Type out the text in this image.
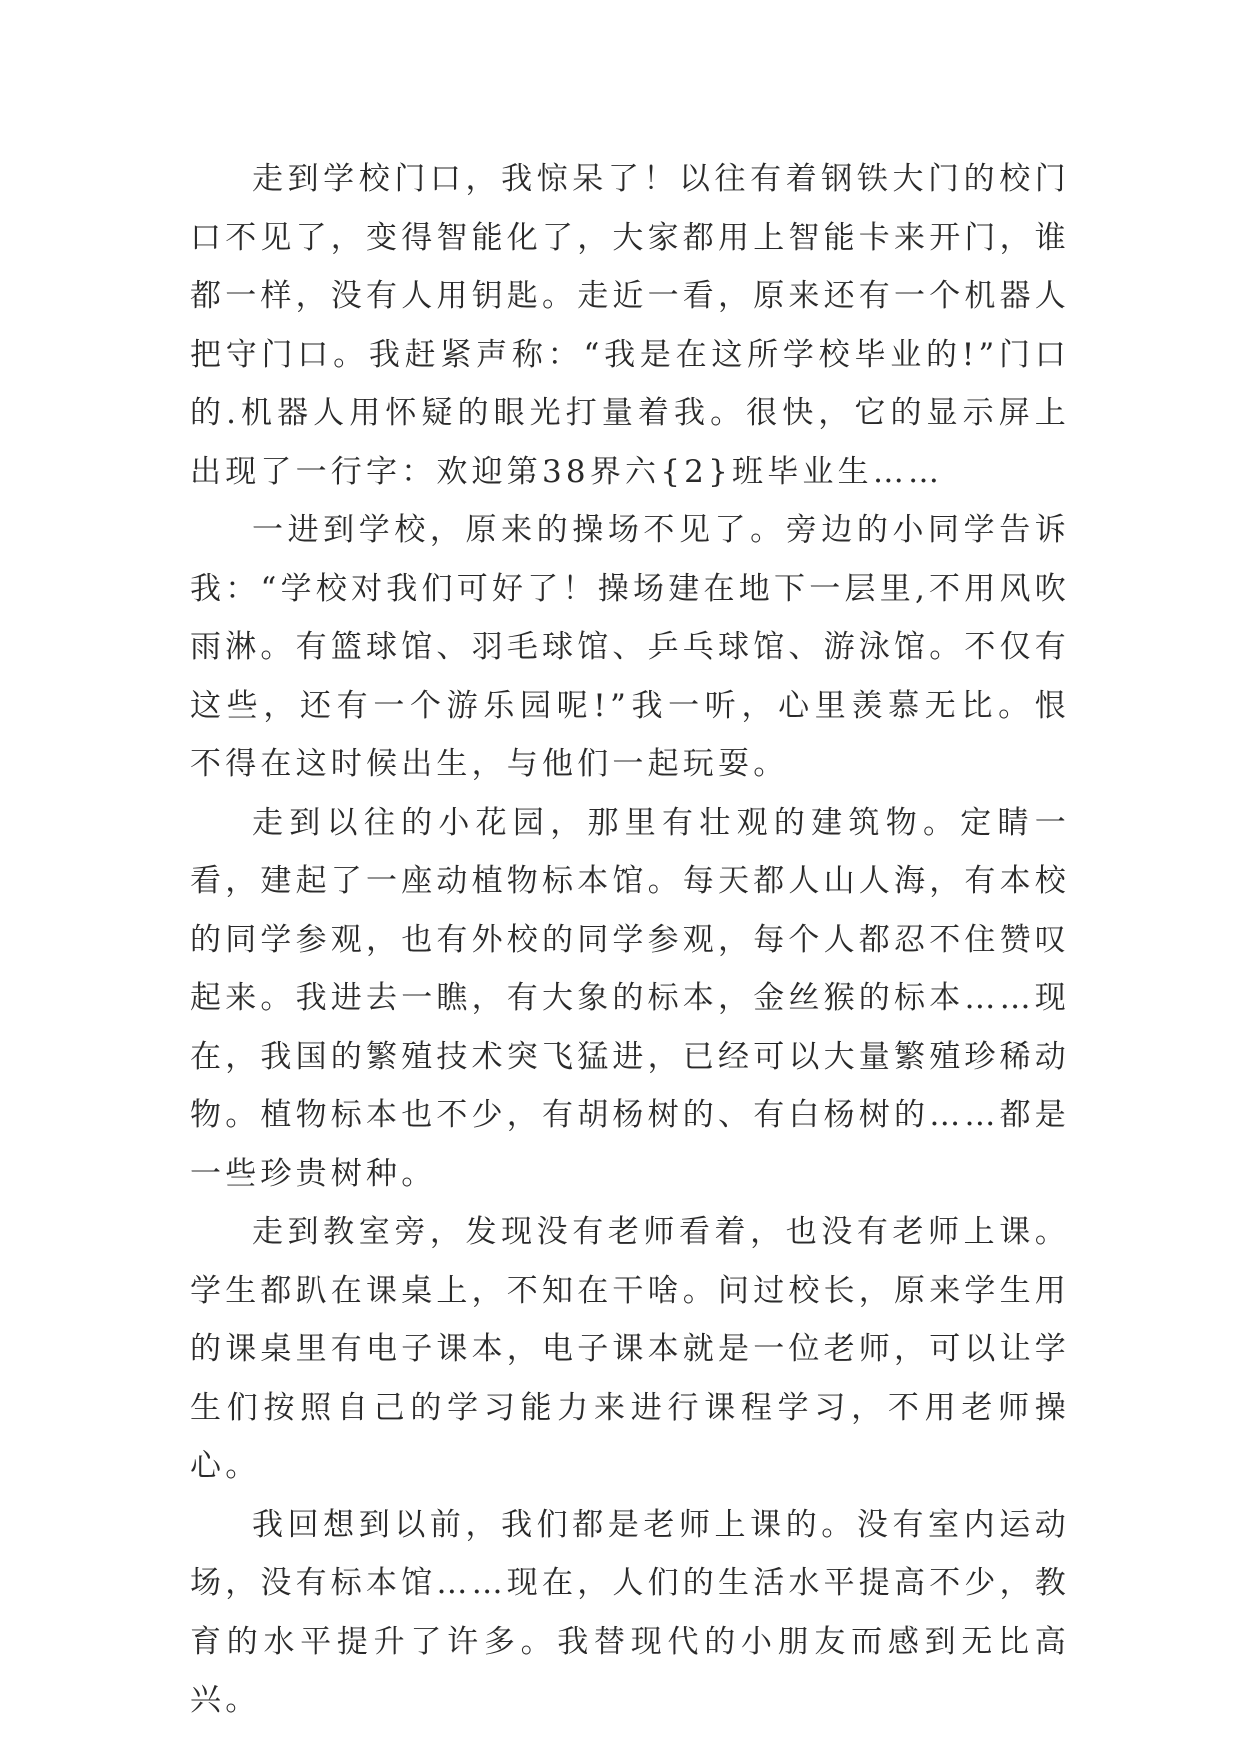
走到学校门口，我惊呆了！以往有着钢铁大门的校门口不见了，变得智能化了，大家都用上智能卡来开门，谁都一样，没有人用钥匙。走近一看，原来还有一个机器人把守门口。我赶紧声称：“我是在这所学校毕业的!”门口的.机器人用怀疑的眼光打量着我。很快，它的显示屏上出现了一行字：欢迎第38界六{2}班毕业生……

一进到学校，原来的操场不见了。旁边的小同学告诉我：“学校对我们可好了！操场建在地下一层里,不用风吹雨淋。有篮球馆、羽毛球馆、乒乓球馆、游泳馆。不仅有这些，还有一个游乐园呢!”我一听，心里羡慕无比。恨不得在这时候出生，与他们一起玩耍。

走到以往的小花园，那里有壮观的建筑物。定睛一看，建起了一座动植物标本馆。每天都人山人海，有本校的同学参观，也有外校的同学参观，每个人都忍不住赞叹起来。我进去一瞧，有大象的标本，金丝猴的标本……现在，我国的繁殖技术突飞猛进，已经可以大量繁殖珍稀动物。植物标本也不少，有胡杨树的、有白杨树的……都是一些珍贵树种。

走到教室旁，发现没有老师看着，也没有老师上课。学生都趴在课桌上，不知在干啥。问过校长，原来学生用的课桌里有电子课本，电子课本就是一位老师，可以让学生们按照自己的学习能力来进行课程学习，不用老师操心。

我回想到以前，我们都是老师上课的。没有室内运动场，没有标本馆……现在，人们的生活水平提高不少，教育的水平提升了许多。我替现代的小朋友而感到无比高兴。
